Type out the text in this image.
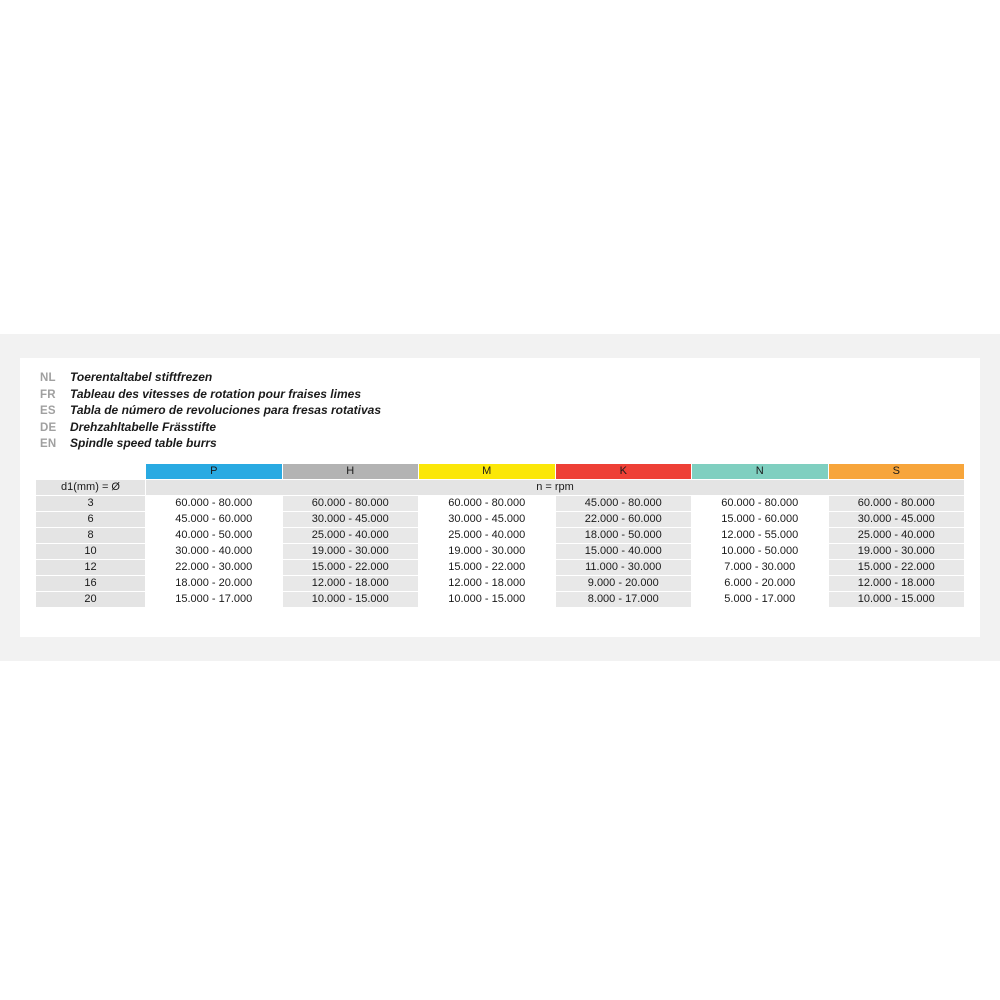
NL	Toerentaltabel stiftfrezen
FR	Tableau des vitesses de rotation pour fraises limes
ES	Tabla de número de revoluciones para fresas rotativas
DE	Drehzahltabelle Frässtifte
EN	Spindle speed table burrs
	P	H	M	K	N	S
d1(mm) = Ø	n = rpm					
3	60.000 - 80.000	60.000 - 80.000	60.000 - 80.000	45.000 - 80.000	60.000 - 80.000	60.000 - 80.000
6	45.000 - 60.000	30.000 - 45.000	30.000 - 45.000	22.000 - 60.000	15.000 - 60.000	30.000 - 45.000
8	40.000 - 50.000	25.000 - 40.000	25.000 - 40.000	18.000 - 50.000	12.000 - 55.000	25.000 - 40.000
10	30.000 - 40.000	19.000 - 30.000	19.000 - 30.000	15.000 - 40.000	10.000 - 50.000	19.000 - 30.000
12	22.000 - 30.000	15.000 - 22.000	15.000 - 22.000	11.000 - 30.000	7.000 - 30.000	15.000 - 22.000
16	18.000 - 20.000	12.000 - 18.000	12.000 - 18.000	9.000 - 20.000	6.000 - 20.000	12.000 - 18.000
20	15.000 - 17.000	10.000 - 15.000	10.000 - 15.000	8.000 - 17.000	5.000 - 17.000	10.000 - 15.000
